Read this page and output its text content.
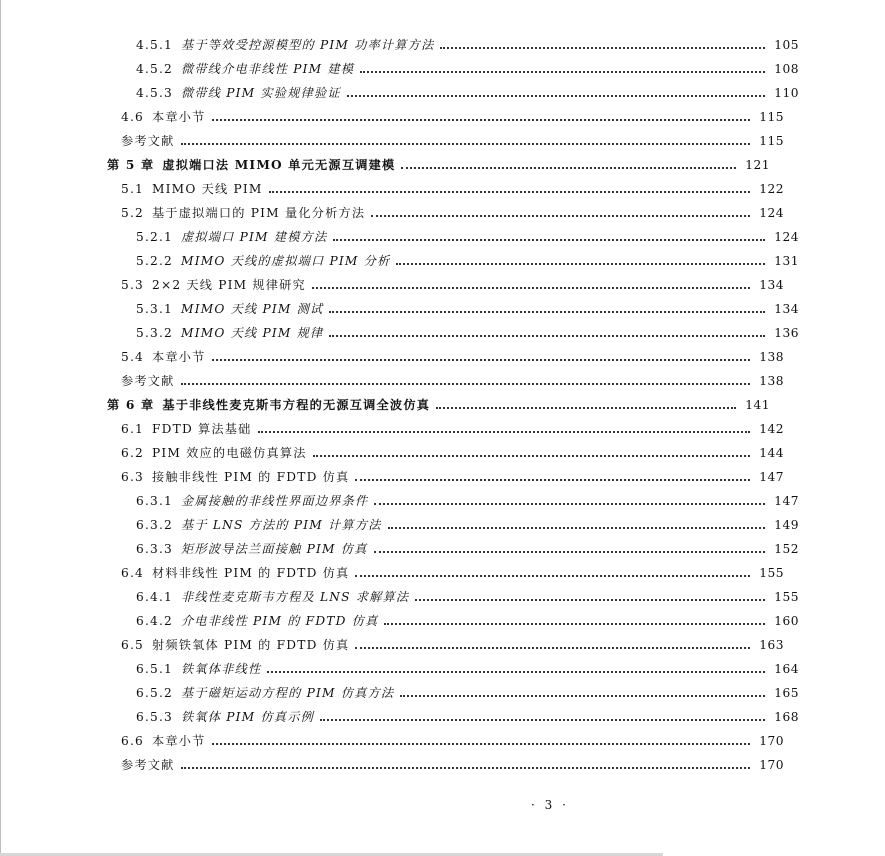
4.5.1 基于等效受控源模型的 PIM 功率计算方法	105
4.5.2 微带线介电非线性 PIM 建模	108
4.5.3 微带线 PIM 实验规律验证	110
4.6 本章小节	115
参考文献	115
第 5 章 虚拟端口法 MIMO 单元无源互调建模	121
5.1 MIMO 天线 PIM	122
5.2 基于虚拟端口的 PIM 量化分析方法	124
5.2.1 虚拟端口 PIM 建模方法	124
5.2.2 MIMO 天线的虚拟端口 PIM 分析	131
5.3 2×2 天线 PIM 规律研究	134
5.3.1 MIMO 天线 PIM 测试	134
5.3.2 MIMO 天线 PIM 规律	136
5.4 本章小节	138
参考文献	138
第 6 章 基于非线性麦克斯韦方程的无源互调全波仿真	141
6.1 FDTD 算法基础	142
6.2 PIM 效应的电磁仿真算法	144
6.3 接触非线性 PIM 的 FDTD 仿真	147
6.3.1 金属接触的非线性界面边界条件	147
6.3.2 基于 LNS 方法的 PIM 计算方法	149
6.3.3 矩形波导法兰面接触 PIM 仿真	152
6.4 材料非线性 PIM 的 FDTD 仿真	155
6.4.1 非线性麦克斯韦方程及 LNS 求解算法	155
6.4.2 介电非线性 PIM 的 FDTD 仿真	160
6.5 射频铁氧体 PIM 的 FDTD 仿真	163
6.5.1 铁氧体非线性	164
6.5.2 基于磁矩运动方程的 PIM 仿真方法	165
6.5.3 铁氧体 PIM 仿真示例	168
6.6 本章小节	170
参考文献	170
· 3 ·
